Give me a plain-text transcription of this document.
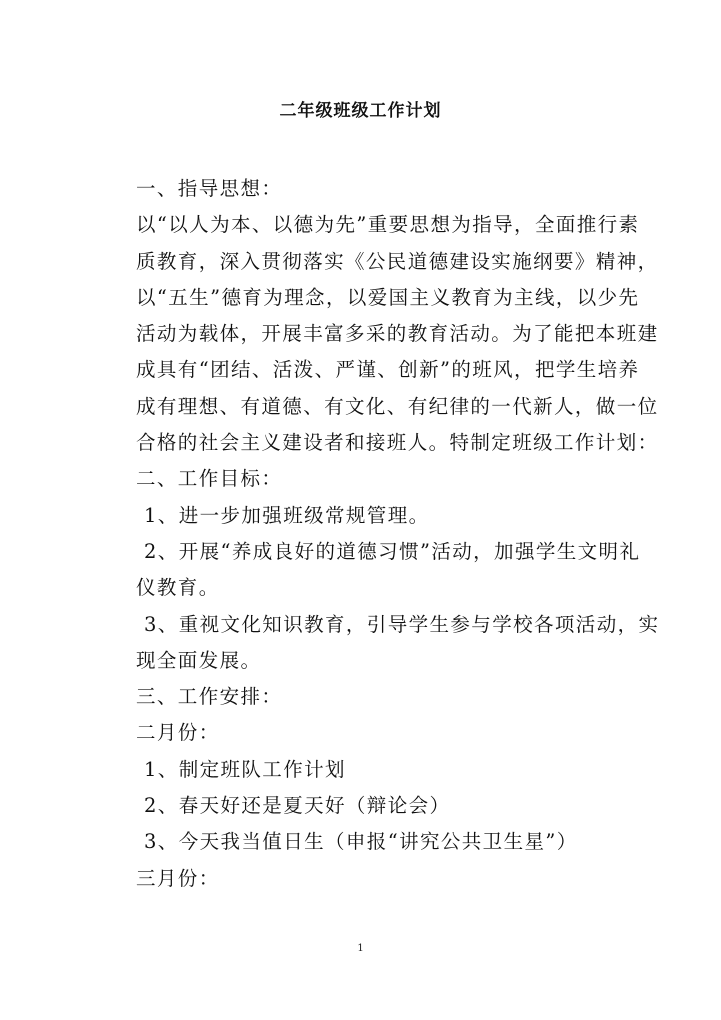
二年级班级工作计划
一、指导思想：
以“以人为本、以德为先”重要思想为指导，全面推行素
质教育，深入贯彻落实《公民道德建设实施纲要》精神，
以“五生”德育为理念，以爱国主义教育为主线，以少先
活动为载体，开展丰富多采的教育活动。为了能把本班建
成具有“团结、活泼、严谨、创新”的班风，把学生培养
成有理想、有道德、有文化、有纪律的一代新人，做一位
合格的社会主义建设者和接班人。特制定班级工作计划：
二、工作目标：
1、进一步加强班级常规管理。
2、开展“养成良好的道德习惯”活动，加强学生文明礼
仪教育。
3、重视文化知识教育，引导学生参与学校各项活动，实
现全面发展。
三、工作安排：
二月份：
1、制定班队工作计划
2、春天好还是夏天好（辩论会）
3、今天我当值日生（申报“讲究公共卫生星”）
三月份：
1
